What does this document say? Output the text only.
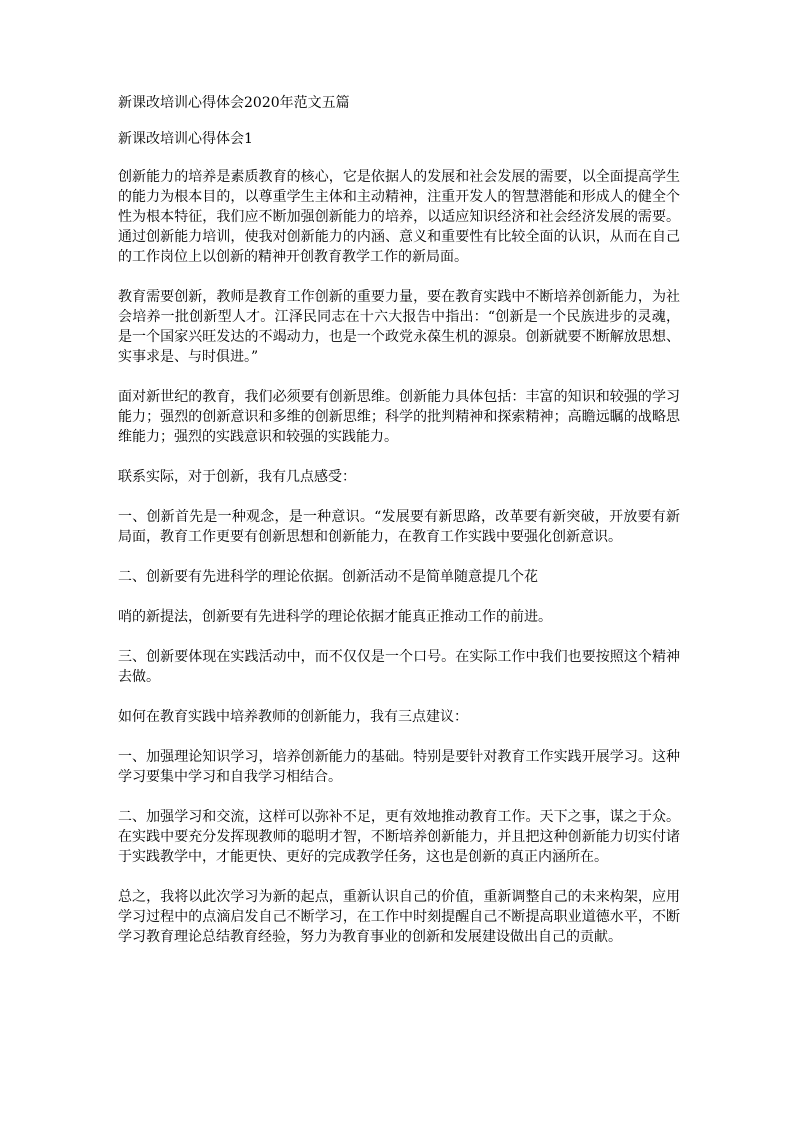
新课改培训心得体会2020年范文五篇

新课改培训心得体会1

创新能力的培养是素质教育的核心，它是依据人的发展和社会发展的需要，以全面提高学生的能力为根本目的，以尊重学生主体和主动精神，注重开发人的智慧潜能和形成人的健全个性为根本特征，我们应不断加强创新能力的培养，以适应知识经济和社会经济发展的需要。通过创新能力培训，使我对创新能力的内涵、意义和重要性有比较全面的认识，从而在自己的工作岗位上以创新的精神开创教育教学工作的新局面。

教育需要创新，教师是教育工作创新的重要力量，要在教育实践中不断培养创新能力，为社会培养一批创新型人才。江泽民同志在十六大报告中指出：“创新是一个民族进步的灵魂，是一个国家兴旺发达的不竭动力，也是一个政党永葆生机的源泉。创新就要不断解放思想、实事求是、与时俱进。”

面对新世纪的教育，我们必须要有创新思维。创新能力具体包括：丰富的知识和较强的学习能力；强烈的创新意识和多维的创新思维；科学的批判精神和探索精神；高瞻远瞩的战略思维能力；强烈的实践意识和较强的实践能力。

联系实际，对于创新，我有几点感受：

一、创新首先是一种观念，是一种意识。“发展要有新思路，改革要有新突破，开放要有新局面，教育工作更要有创新思想和创新能力，在教育工作实践中要强化创新意识。

二、创新要有先进科学的理论依据。创新活动不是简单随意提几个花

哨的新提法，创新要有先进科学的理论依据才能真正推动工作的前进。

三、创新要体现在实践活动中，而不仅仅是一个口号。在实际工作中我们也要按照这个精神去做。

如何在教育实践中培养教师的创新能力，我有三点建议：

一、加强理论知识学习，培养创新能力的基础。特别是要针对教育工作实践开展学习。这种学习要集中学习和自我学习相结合。

二、加强学习和交流，这样可以弥补不足，更有效地推动教育工作。天下之事，谋之于众。在实践中要充分发挥现教师的聪明才智，不断培养创新能力，并且把这种创新能力切实付诸于实践教学中，才能更快、更好的完成教学任务，这也是创新的真正内涵所在。

总之，我将以此次学习为新的起点，重新认识自己的价值，重新调整自己的未来构架，应用学习过程中的点滴启发自己不断学习，在工作中时刻提醒自己不断提高职业道德水平，不断学习教育理论总结教育经验，努力为教育事业的创新和发展建设做出自己的贡献。
